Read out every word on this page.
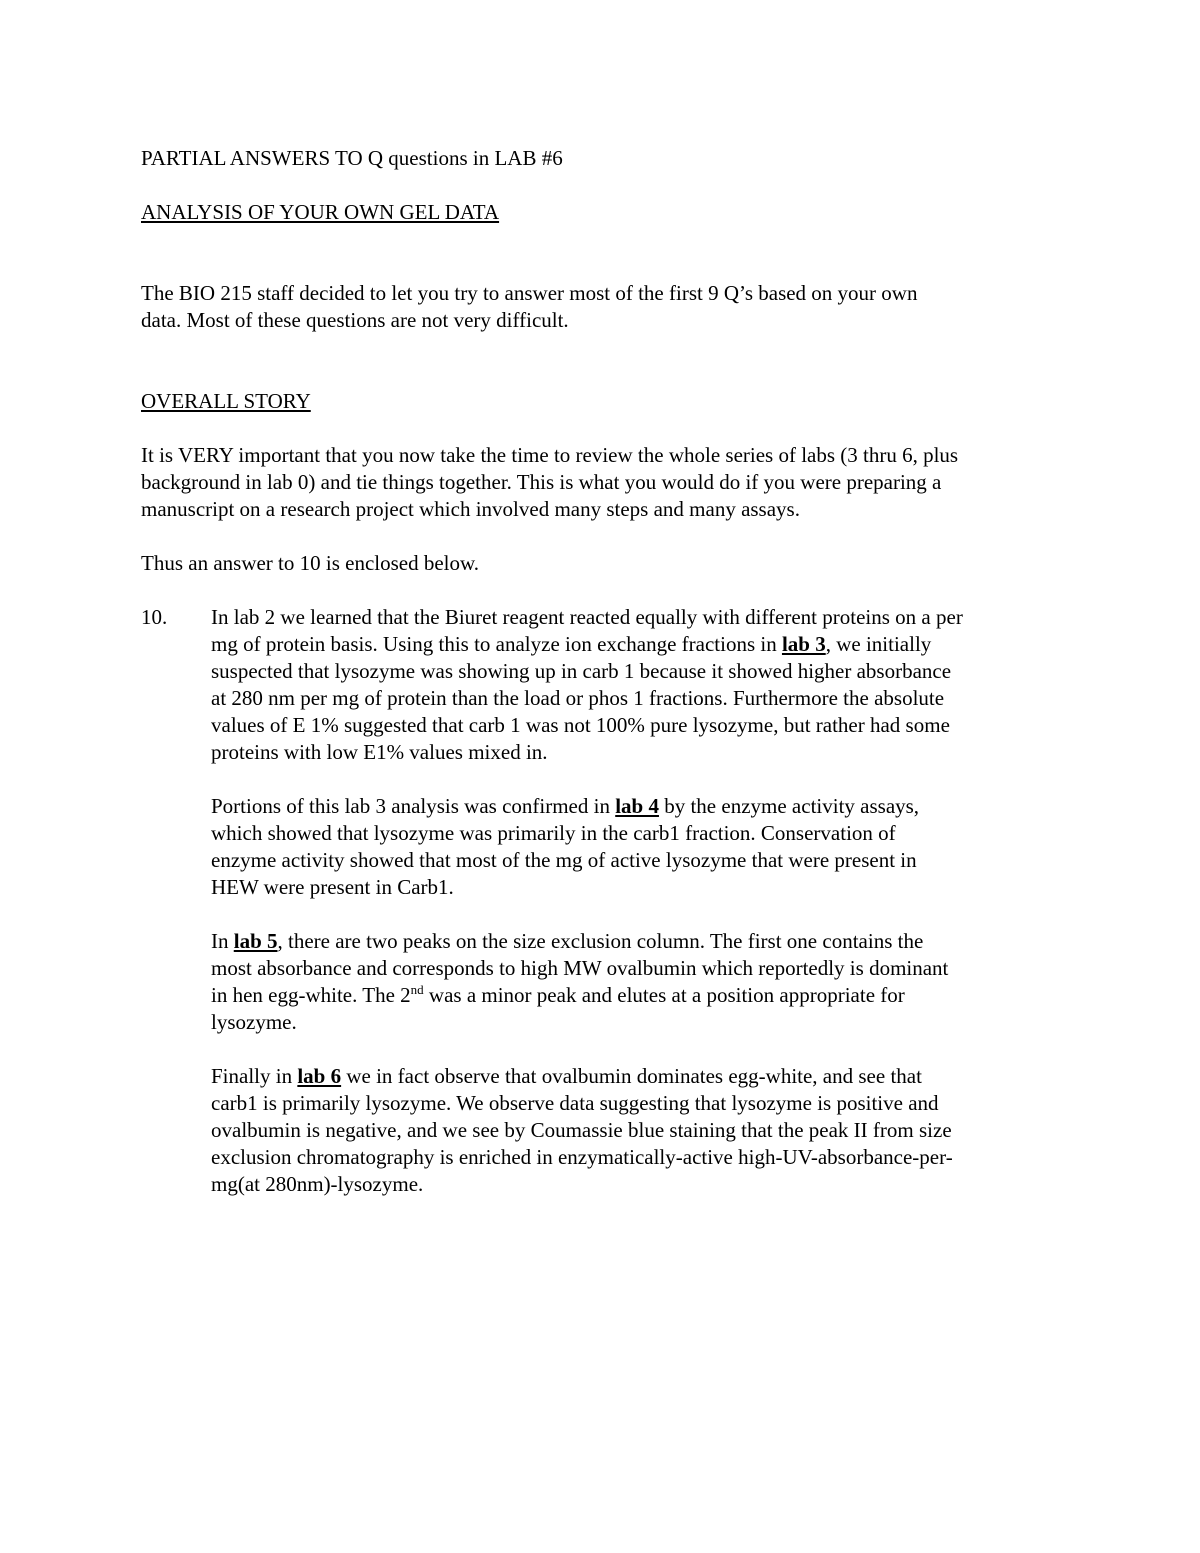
PARTIAL ANSWERS TO Q questions in LAB #6
ANALYSIS OF YOUR OWN GEL DATA
The BIO 215 staff decided to let you try to answer most of the first 9 Q’s based on your own
data. Most of these questions are not very difficult.
OVERALL STORY
It is VERY important that you now take the time to review the whole series of labs (3 thru 6, plus
background in lab 0) and tie things together. This is what you would do if you were preparing a
manuscript on a research project which involved many steps and many assays.
Thus an answer to 10 is enclosed below.
10. In lab 2 we learned that the Biuret reagent reacted equally with different proteins on a per
mg of protein basis. Using this to analyze ion exchange fractions in lab 3, we initially
suspected that lysozyme was showing up in carb 1 because it showed higher absorbance
at 280 nm per mg of protein than the load or phos 1 fractions. Furthermore the absolute
values of E 1% suggested that carb 1 was not 100% pure lysozyme, but rather had some
proteins with low E1% values mixed in.
Portions of this lab 3 analysis was confirmed in lab 4 by the enzyme activity assays,
which showed that lysozyme was primarily in the carb1 fraction. Conservation of
enzyme activity showed that most of the mg of active lysozyme that were present in
HEW were present in Carb1.
In lab 5, there are two peaks on the size exclusion column. The first one contains the
most absorbance and corresponds to high MW ovalbumin which reportedly is dominant
in hen egg-white. The 2nd was a minor peak and elutes at a position appropriate for
lysozyme.
Finally in lab 6 we in fact observe that ovalbumin dominates egg-white, and see that
carb1 is primarily lysozyme. We observe data suggesting that lysozyme is positive and
ovalbumin is negative, and we see by Coumassie blue staining that the peak II from size
exclusion chromatography is enriched in enzymatically-active high-UV-absorbance-per-
mg(at 280nm)-lysozyme.
